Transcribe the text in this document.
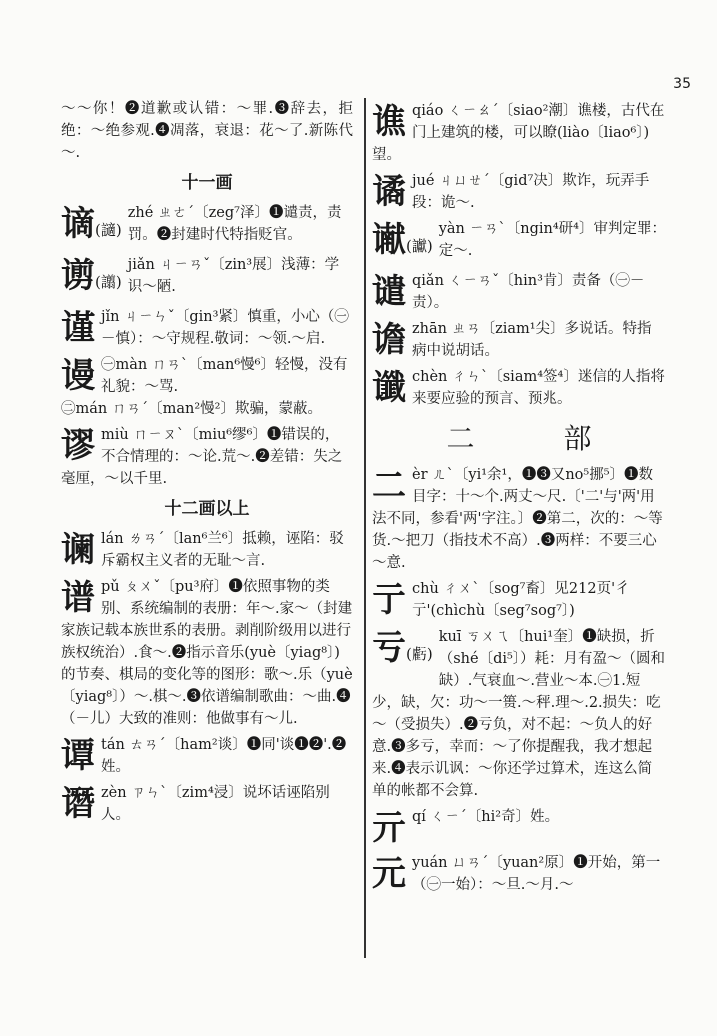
35

～～你！❷道歉或认错：～罪.❸辞去，拒绝：～绝参观.❹凋落，衰退：花～了.新陈代～.

十一画
谪(讁)
zhé ㄓㄜˊ〔zeg⁷泽〕❶谴责，责罚。❷封建时代特指贬官。
谫(譾)
jiǎn ㄐㄧㄢˇ〔zin³展〕浅薄：学识～陋.
谨jǐn ㄐㄧㄣˇ〔gin³紧〕慎重，小心（㊀－慎）：～守规程.敬词：～领.～启.
谩 ㊀màn ㄇㄢˋ〔man⁶慢⁶〕轻慢，没有礼貌：～骂.
㊁mán ㄇㄢˊ〔man²慢²〕欺骗，蒙蔽。
谬miù ㄇㄧㄡˋ〔miu⁶缪⁶〕❶错误的，不合情理的：～论.荒～.❷差错：失之毫厘，～以千里.
十二画以上
谰lán ㄌㄢˊ〔lan⁶兰⁶〕抵赖，诬陷：驳斥霸权主义者的无耻～言.
谱pǔ ㄆㄨˇ〔pu³府〕❶依照事物的类别、系统编制的表册：年～.家～（封建家族记载本族世系的表册。剥削阶级用以进行族权统治）.食～.❷指示音乐(yuè〔yiag⁸〕)的节奏、棋局的变化等的图形：歌～.乐（yuè〔yiag⁸〕）～.棋～.❸依谱编制歌曲：～曲.❹（－儿）大致的准则：他做事有～儿.
谭tán ㄊㄢˊ〔ham²谈〕❶同'谈❶❷'.❷姓。
谮zèn ㄗㄣˋ〔zim⁴浸〕说坏话诬陷别人。
谯qiáo ㄑㄧㄠˊ〔siao²潮〕谯楼，古代在门上建筑的楼，可以瞭(liào〔liao⁶〕)望。
谲jué ㄐㄩㄝˊ〔gid⁷决〕欺诈，玩弄手段：诡～.
谳(讞)
yàn ㄧㄢˋ〔ngin⁴研⁴〕审判定罪：定～.
谴qiǎn ㄑㄧㄢˇ〔hin³肯〕责备（㊀－责）。
谵zhān ㄓㄢ〔ziam¹尖〕多说话。特指病中说胡话。
谶chèn ㄔㄣˋ〔siam⁴签⁴〕迷信的人指将来要应验的预言、预兆。
二 部
二èr ㄦˋ〔yi¹余¹，❶❸又no⁵挪⁵〕❶数目字：十～个.两丈～尺.〔'二'与'两'用法不同，参看'两'字注。〕❷第二，次的：～等货.～把刀（指技术不高）.❸两样：不要三心～意.
亍chù ㄔㄨˋ〔sog⁷畜〕见212页'彳亍'(chìchù〔seg⁷sog⁷〕)
亏(虧)
kuī ㄎㄨㄟ〔hui¹奎〕❶缺损，折（shé〔di⁵〕）耗：月有盈～（圆和缺）.气衰血～.营业～本.㊀1.短少，缺，欠：功～一篑.～秤.理～.2.损失：吃～（受损失）.❷亏负，对不起：～负人的好意.❸多亏，幸而：～了你提醒我，我才想起来.❹表示讥讽：～你还学过算术，连这么简单的帐都不会算.
亓qí ㄑㄧˊ〔hi²奇〕姓。
元yuán ㄩㄢˊ〔yuan²原〕❶开始，第一（㊀一始）：～旦.～月.～
